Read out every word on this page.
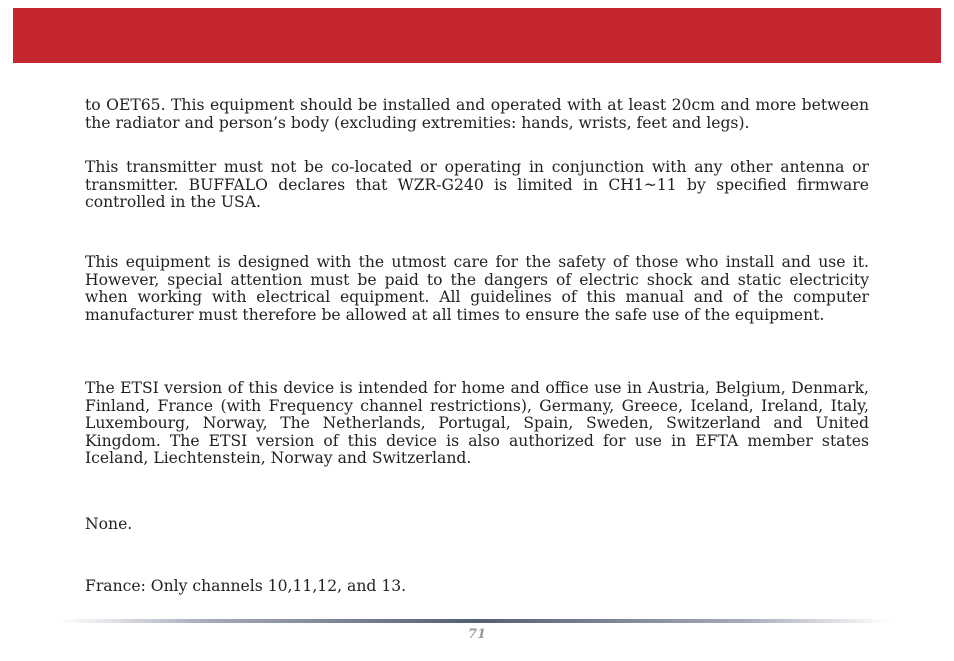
to OET65. This equipment should be installed and operated with at least 20cm and more between the radiator and person’s body (excluding extremities: hands, wrists, feet and legs).

This transmitter must not be co-located or operating in conjunction with any other antenna or transmitter. BUFFALO declares that WZR-G240 is limited in CH1~11 by specified firmware controlled in the USA.

This equipment is designed with the utmost care for the safety of those who install and use it. However, special attention must be paid to the dangers of electric shock and static electricity when working with electrical equipment. All guidelines of this manual and of the computer manufacturer must therefore be allowed at all times to ensure the safe use of the equipment.

The ETSI version of this device is intended for home and office use in Austria, Belgium, Denmark, Finland, France (with Frequency channel restrictions), Germany, Greece, Iceland, Ireland, Italy, Luxembourg, Norway, The Netherlands, Portugal, Spain, Sweden, Switzerland and United Kingdom. The ETSI version of this device is also authorized for use in EFTA member states Iceland, Liechtenstein, Norway and Switzerland.

None.

France: Only channels 10,11,12, and 13.

71
